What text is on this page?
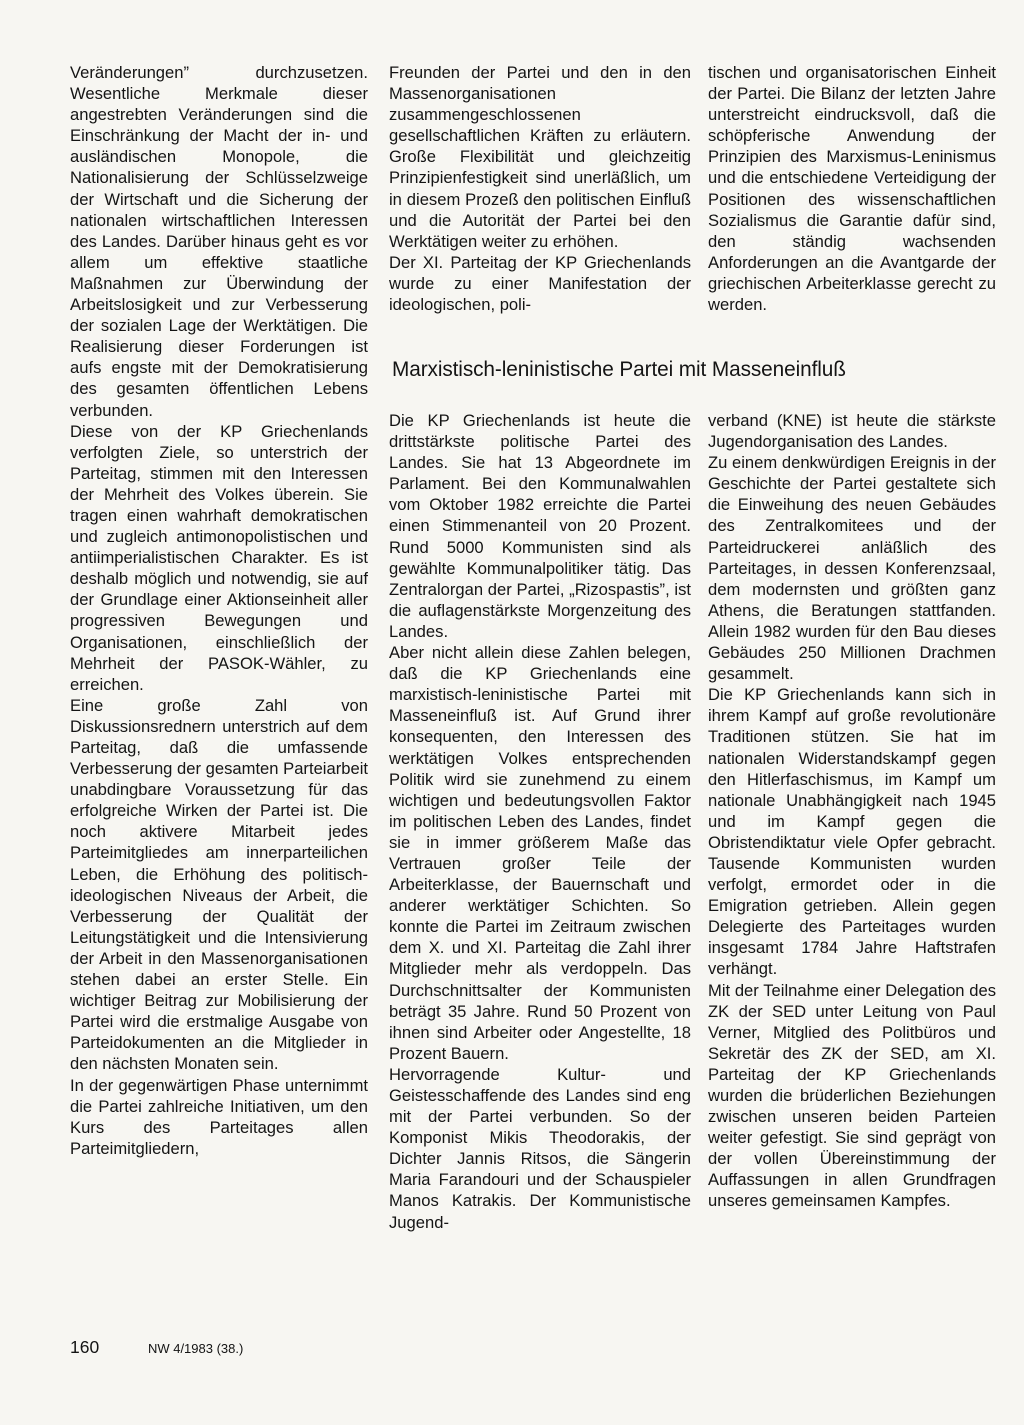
Veränderungen” durchzusetzen. Wesentliche Merkmale dieser angestrebten Veränderungen sind die Einschränkung der Macht der in- und ausländischen Monopole, die Nationalisierung der Schlüsselzweige der Wirtschaft und die Sicherung der nationalen wirtschaftlichen Interessen des Landes. Darüber hinaus geht es vor allem um effektive staatliche Maßnahmen zur Überwindung der Arbeitslosigkeit und zur Verbesserung der sozialen Lage der Werktätigen. Die Realisierung dieser Forderungen ist aufs engste mit der Demokratisierung des gesamten öffentlichen Lebens verbunden.

Diese von der KP Griechenlands verfolgten Ziele, so unterstrich der Parteitag, stimmen mit den Interessen der Mehrheit des Volkes überein. Sie tragen einen wahrhaft demokratischen und zugleich antimonopolistischen und antiimperialistischen Charakter. Es ist deshalb möglich und notwendig, sie auf der Grundlage einer Aktionseinheit aller progressiven Bewegungen und Organisationen, einschließlich der Mehrheit der PASOK-Wähler, zu erreichen.

Eine große Zahl von Diskussionsrednern unterstrich auf dem Parteitag, daß die umfassende Verbesserung der gesamten Parteiarbeit unabdingbare Voraussetzung für das erfolgreiche Wirken der Partei ist. Die noch aktivere Mitarbeit jedes Parteimitgliedes am innerparteilichen Leben, die Erhöhung des politisch-ideologischen Niveaus der Arbeit, die Verbesserung der Qualität der Leitungstätigkeit und die Intensivierung der Arbeit in den Massenorganisationen stehen dabei an erster Stelle. Ein wichtiger Beitrag zur Mobilisierung der Partei wird die erstmalige Ausgabe von Parteidokumenten an die Mitglieder in den nächsten Monaten sein.

In der gegenwärtigen Phase unternimmt die Partei zahlreiche Initiativen, um den Kurs des Parteitages allen Parteimitgliedern,

Freunden der Partei und den in den Massenorganisationen zusammengeschlossenen gesellschaftlichen Kräften zu erläutern. Große Flexibilität und gleichzeitig Prinzipienfestigkeit sind unerläßlich, um in diesem Prozeß den politischen Einfluß und die Autorität der Partei bei den Werktätigen weiter zu erhöhen.

Der XI. Parteitag der KP Griechenlands wurde zu einer Manifestation der ideologischen, poli-

tischen und organisatorischen Einheit der Partei. Die Bilanz der letzten Jahre unterstreicht eindrucksvoll, daß die schöpferische Anwendung der Prinzipien des Marxismus-Leninismus und die entschiedene Verteidigung der Positionen des wissenschaftlichen Sozialismus die Garantie dafür sind, den ständig wachsenden Anforderungen an die Avantgarde der griechischen Arbeiterklasse gerecht zu werden.

Marxistisch-leninistische Partei mit Masseneinfluß

Die KP Griechenlands ist heute die drittstärkste politische Partei des Landes. Sie hat 13 Abgeordnete im Parlament. Bei den Kommunalwahlen vom Oktober 1982 erreichte die Partei einen Stimmenanteil von 20 Prozent. Rund 5000 Kommunisten sind als gewählte Kommunalpolitiker tätig. Das Zentralorgan der Partei, „Rizospastis”, ist die auflagenstärkste Morgenzeitung des Landes.

Aber nicht allein diese Zahlen belegen, daß die KP Griechenlands eine marxistisch-leninistische Partei mit Masseneinfluß ist. Auf Grund ihrer konsequenten, den Interessen des werktätigen Volkes entsprechenden Politik wird sie zunehmend zu einem wichtigen und bedeutungsvollen Faktor im politischen Leben des Landes, findet sie in immer größerem Maße das Vertrauen großer Teile der Arbeiterklasse, der Bauernschaft und anderer werktätiger Schichten. So konnte die Partei im Zeitraum zwischen dem X. und XI. Parteitag die Zahl ihrer Mitglieder mehr als verdoppeln. Das Durchschnittsalter der Kommunisten beträgt 35 Jahre. Rund 50 Prozent von ihnen sind Arbeiter oder Angestellte, 18 Prozent Bauern.

Hervorragende Kultur- und Geistesschaffende des Landes sind eng mit der Partei verbunden. So der Komponist Mikis Theodorakis, der Dichter Jannis Ritsos, die Sängerin Maria Farandouri und der Schauspieler Manos Katrakis. Der Kommunistische Jugend-

verband (KNE) ist heute die stärkste Jugendorganisation des Landes.

Zu einem denkwürdigen Ereignis in der Geschichte der Partei gestaltete sich die Einweihung des neuen Gebäudes des Zentralkomitees und der Parteidruckerei anläßlich des Parteitages, in dessen Konferenzsaal, dem modernsten und größten ganz Athens, die Beratungen stattfanden. Allein 1982 wurden für den Bau dieses Gebäudes 250 Millionen Drachmen gesammelt.

Die KP Griechenlands kann sich in ihrem Kampf auf große revolutionäre Traditionen stützen. Sie hat im nationalen Widerstandskampf gegen den Hitlerfaschismus, im Kampf um nationale Unabhängigkeit nach 1945 und im Kampf gegen die Obristendiktatur viele Opfer gebracht. Tausende Kommunisten wurden verfolgt, ermordet oder in die Emigration getrieben. Allein gegen Delegierte des Parteitages wurden insgesamt 1784 Jahre Haftstrafen verhängt.

Mit der Teilnahme einer Delegation des ZK der SED unter Leitung von Paul Verner, Mitglied des Politbüros und Sekretär des ZK der SED, am XI. Parteitag der KP Griechenlands wurden die brüderlichen Beziehungen zwischen unseren beiden Parteien weiter gefestigt. Sie sind geprägt von der vollen Übereinstimmung der Auffassungen in allen Grundfragen unseres gemeinsamen Kampfes.

160	NW 4/1983 (38.)
